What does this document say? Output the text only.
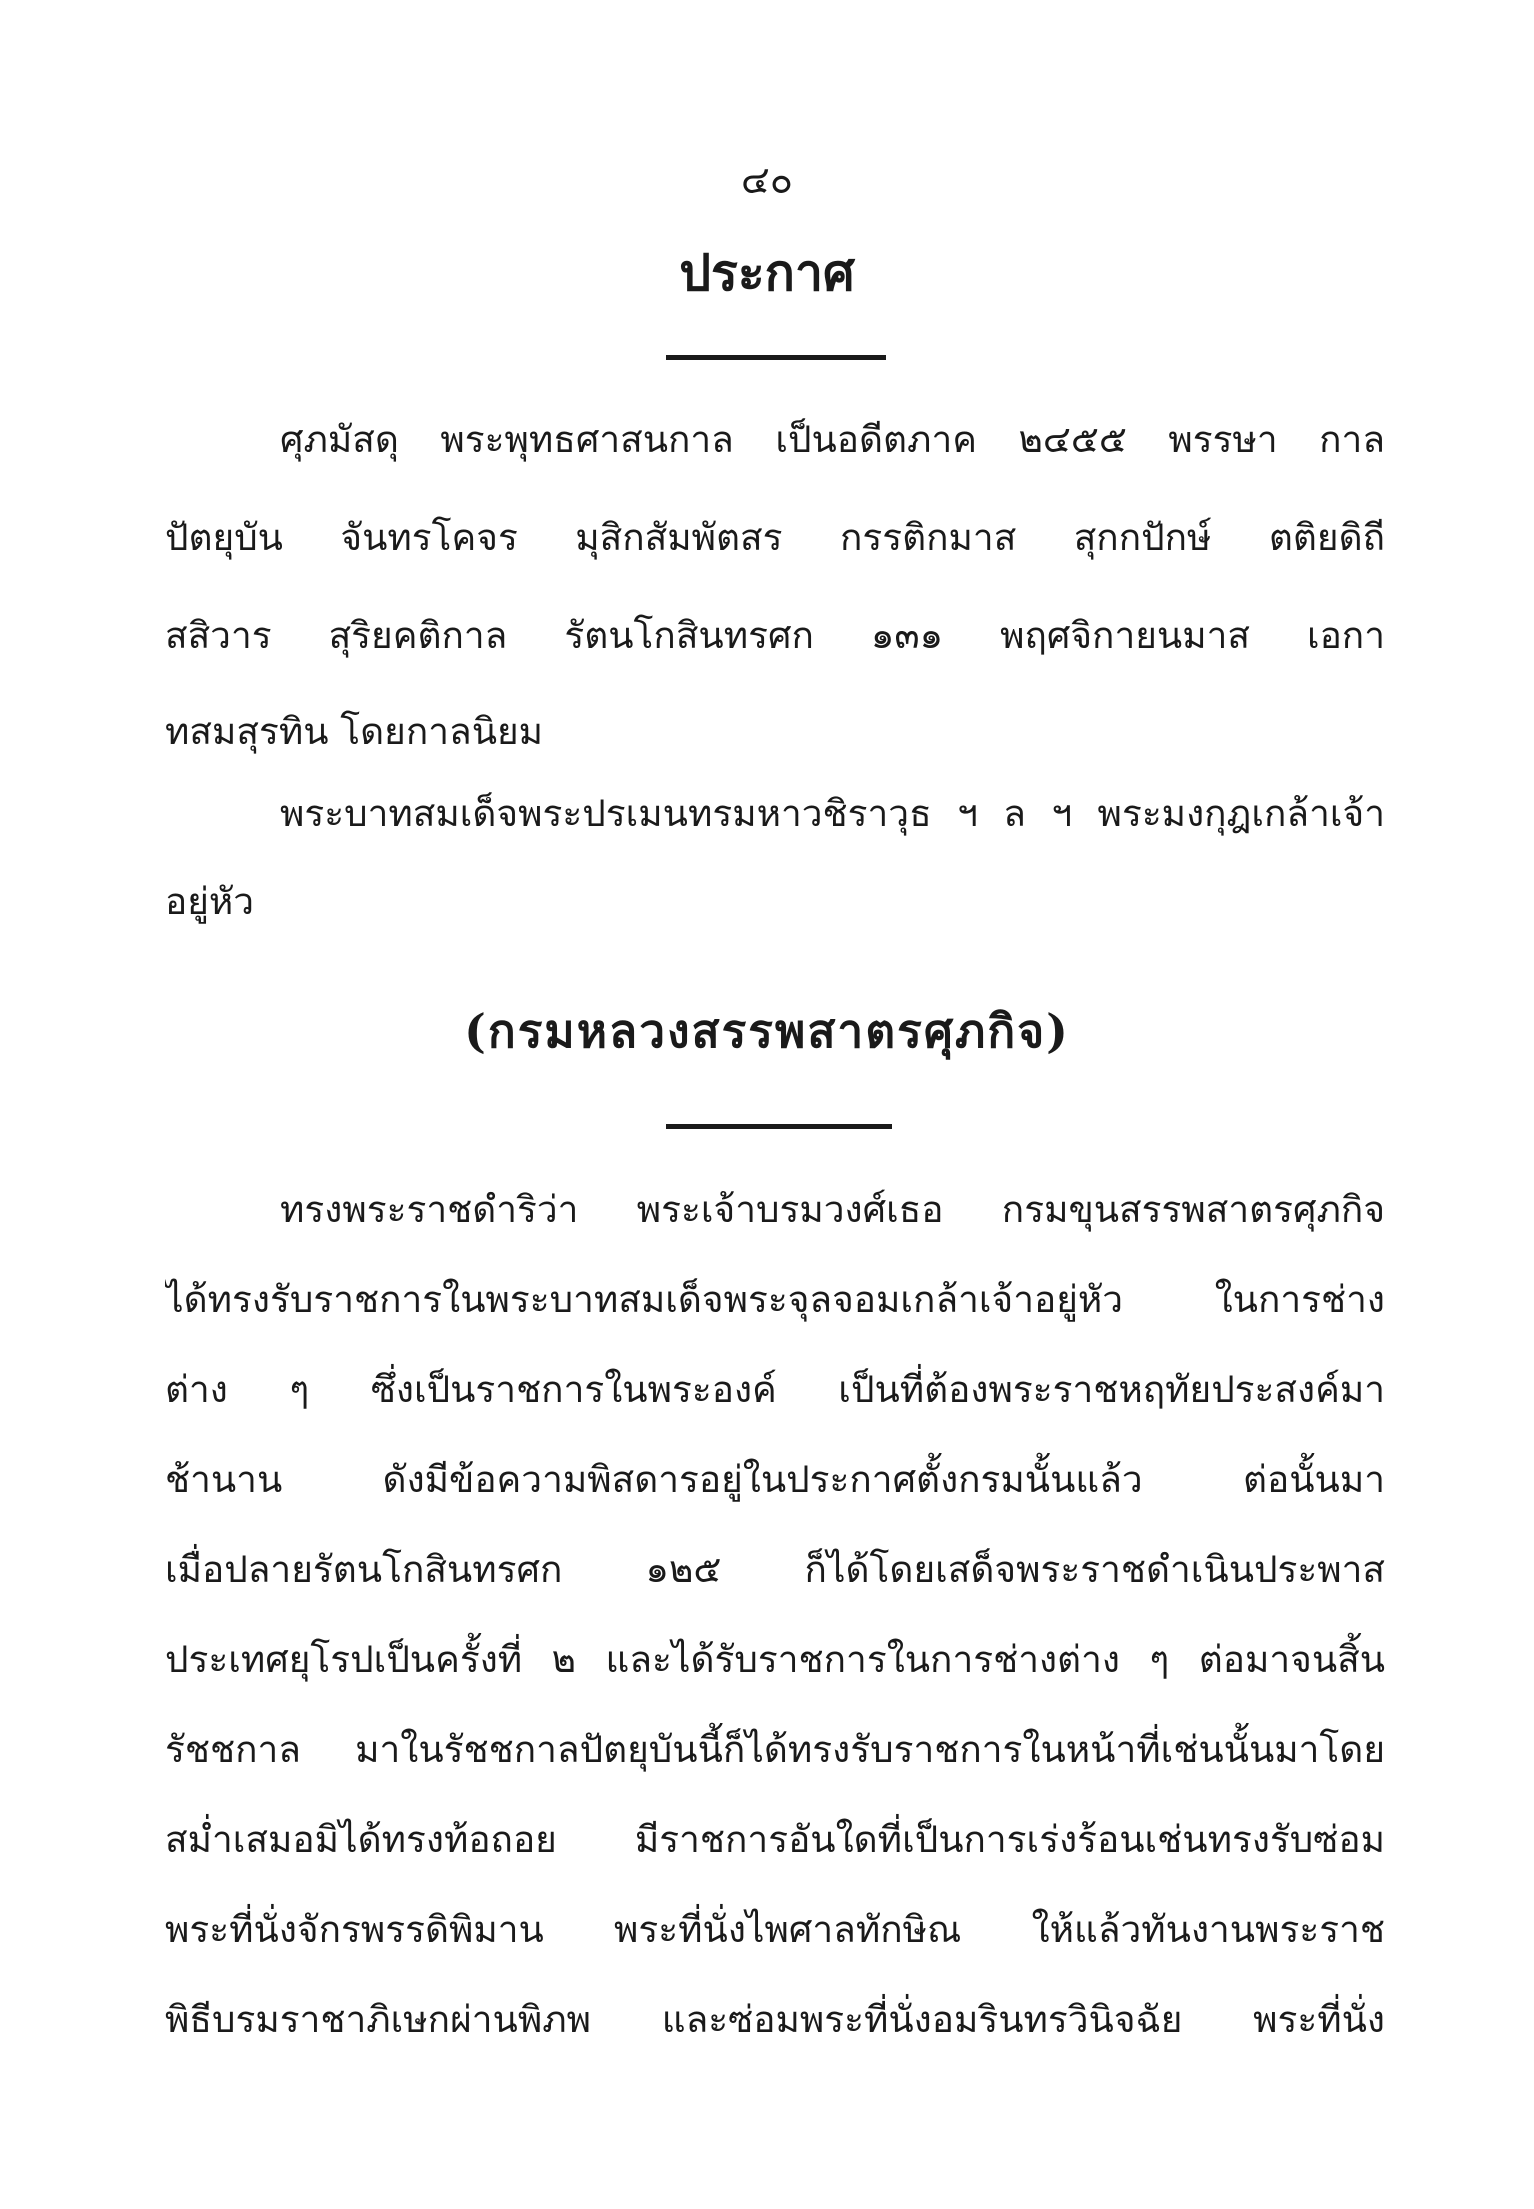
๔๐
ประกาศ
ศุภมัสดุ พระพุทธศาสนกาล เป็นอดีตภาค ๒๔๕๕ พรรษา กาล
ปัตยุบัน จันทรโคจร มุสิกสัมพัตสร กรรติกมาส สุกกปักษ์ ตติยดิถี
สสิวาร สุริยคติกาล รัตนโกสินทรศก ๑๓๑ พฤศจิกายนมาส เอกา
ทสมสุรทิน โดยกาลนิยม
พระบาทสมเด็จพระปรเมนทรมหาวชิราวุธ ฯ ล ฯ พระมงกุฎเกล้าเจ้า
อยู่หัว
(กรมหลวงสรรพสาตรศุภกิจ)
ทรงพระราชดำริว่า พระเจ้าบรมวงศ์เธอ กรมขุนสรรพสาตรศุภกิจ
ได้ทรงรับราชการในพระบาทสมเด็จพระจุลจอมเกล้าเจ้าอยู่หัว ในการช่าง
ต่าง ๆ ซึ่งเป็นราชการในพระองค์ เป็นที่ต้องพระราชหฤทัยประสงค์มา
ช้านาน ดังมีข้อความพิสดารอยู่ในประกาศตั้งกรมนั้นแล้ว ต่อนั้นมา
เมื่อปลายรัตนโกสินทรศก ๑๒๕ ก็ได้โดยเสด็จพระราชดำเนินประพาส
ประเทศยุโรปเป็นครั้งที่ ๒ และได้รับราชการในการช่างต่าง ๆ ต่อมาจนสิ้น
รัชชกาล มาในรัชชกาลปัตยุบันนี้ก็ได้ทรงรับราชการในหน้าที่เช่นนั้นมาโดย
สม่ำเสมอมิได้ทรงท้อถอย มีราชการอันใดที่เป็นการเร่งร้อนเช่นทรงรับซ่อม
พระที่นั่งจักรพรรดิพิมาน พระที่นั่งไพศาลทักษิณ ให้แล้วทันงานพระราช
พิธีบรมราชาภิเษกผ่านพิภพ และซ่อมพระที่นั่งอมรินทรวินิจฉัย พระที่นั่ง
